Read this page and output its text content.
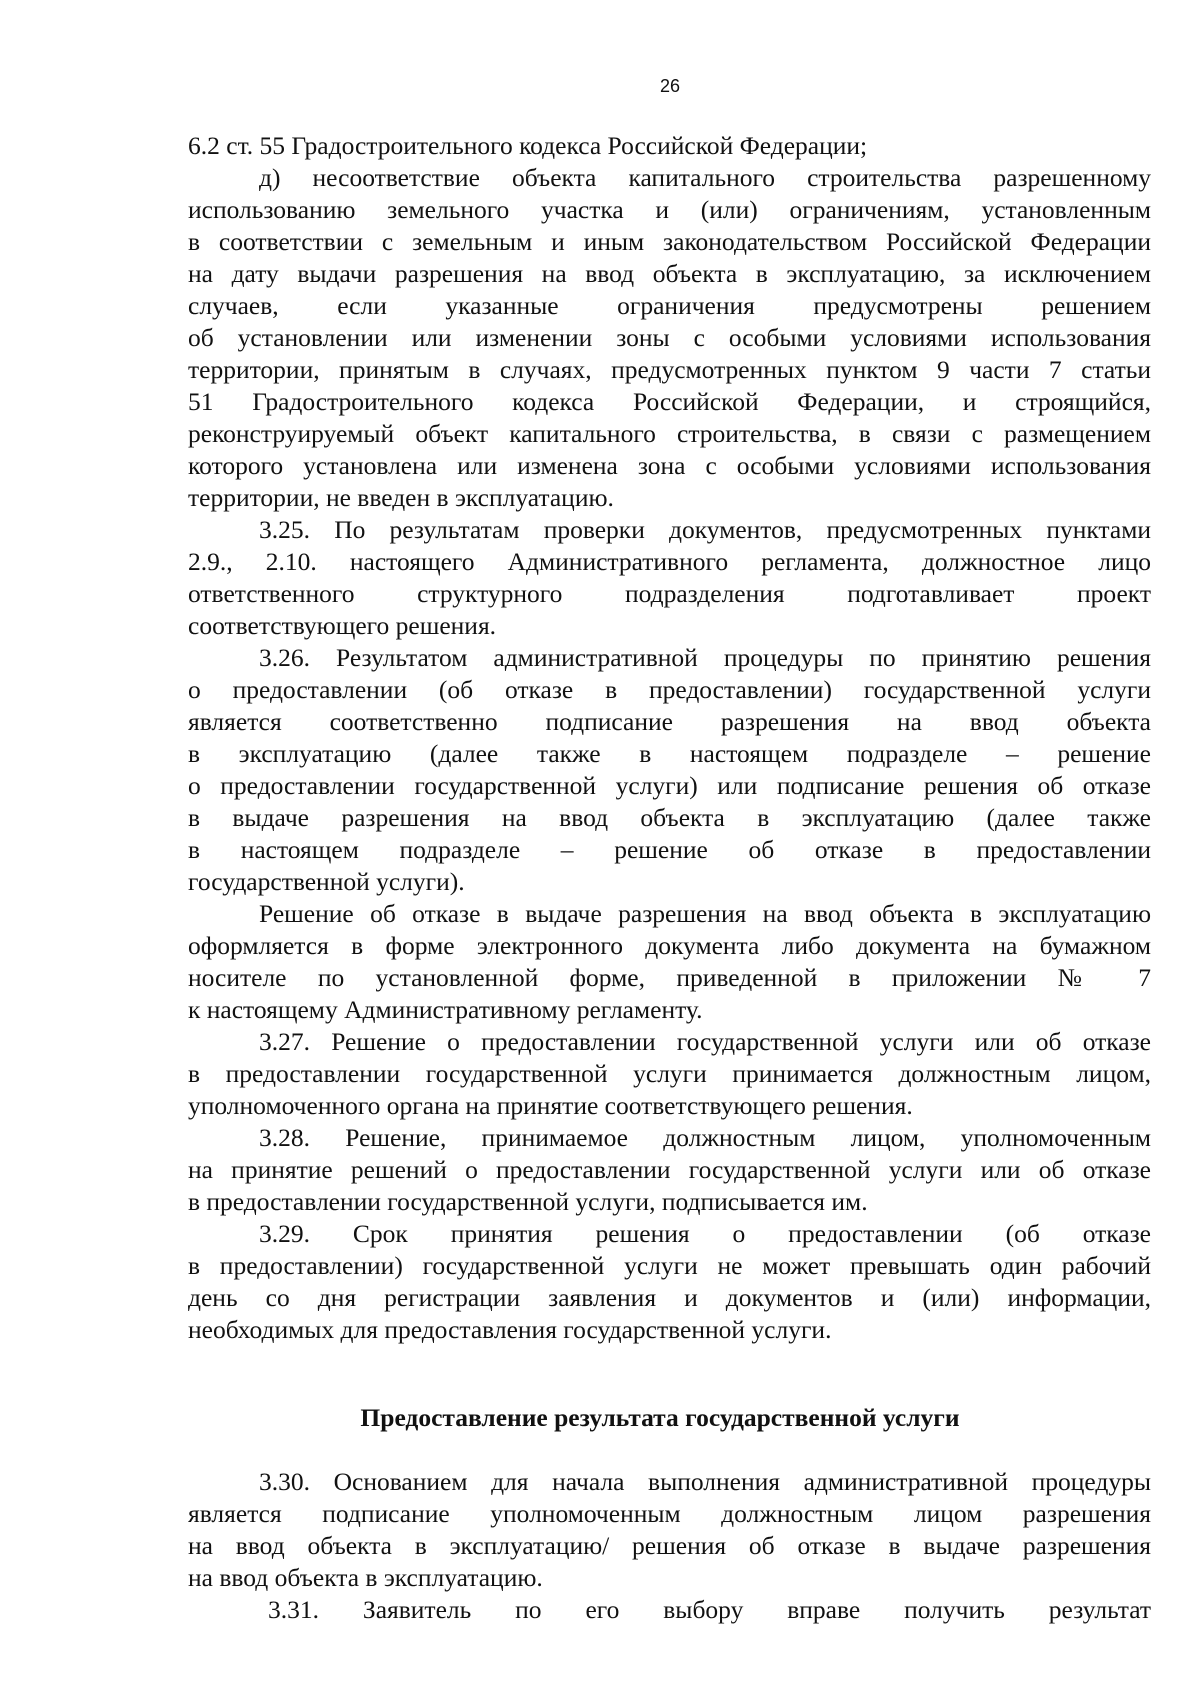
26
6.2 ст. 55 Градостроительного кодекса Российской Федерации;
д) несоответствие объекта капитального строительства разрешенному
использованию земельного участка и (или) ограничениям, установленным
в соответствии с земельным и иным законодательством Российской Федерации
на дату выдачи разрешения на ввод объекта в эксплуатацию, за исключением
случаев, если указанные ограничения предусмотрены решением
об установлении или изменении зоны с особыми условиями использования
территории, принятым в случаях, предусмотренных пунктом 9 части 7 статьи
51 Градостроительного кодекса Российской Федерации, и строящийся,
реконструируемый объект капитального строительства, в связи с размещением
которого установлена или изменена зона с особыми условиями использования
территории, не введен в эксплуатацию.
3.25. По результатам проверки документов, предусмотренных пунктами
2.9., 2.10. настоящего Административного регламента, должностное лицо
ответственного структурного подразделения подготавливает проект
соответствующего решения.
3.26. Результатом административной процедуры по принятию решения
о предоставлении (об отказе в предоставлении) государственной услуги
является соответственно подписание разрешения на ввод объекта
в эксплуатацию (далее также в настоящем подразделе – решение
о предоставлении государственной услуги) или подписание решения об отказе
в выдаче разрешения на ввод объекта в эксплуатацию (далее также
в настоящем подразделе – решение об отказе в предоставлении
государственной услуги).
Решение об отказе в выдаче разрешения на ввод объекта в эксплуатацию
оформляется в форме электронного документа либо документа на бумажном
носителе по установленной форме, приведенной в приложении № 7
к настоящему Административному регламенту.
3.27. Решение о предоставлении государственной услуги или об отказе
в предоставлении государственной услуги принимается должностным лицом,
уполномоченного органа на принятие соответствующего решения.
3.28. Решение, принимаемое должностным лицом, уполномоченным
на принятие решений о предоставлении государственной услуги или об отказе
в предоставлении государственной услуги, подписывается им.
3.29. Срок принятия решения о предоставлении (об отказе
в предоставлении) государственной услуги не может превышать один рабочий
день со дня регистрации заявления и документов и (или) информации,
необходимых для предоставления государственной услуги.
Предоставление результата государственной услуги
3.30. Основанием для начала выполнения административной процедуры
является подписание уполномоченным должностным лицом разрешения
на ввод объекта в эксплуатацию/ решения об отказе в выдаче разрешения
на ввод объекта в эксплуатацию.
3.31. Заявитель по его выбору вправе получить результат
